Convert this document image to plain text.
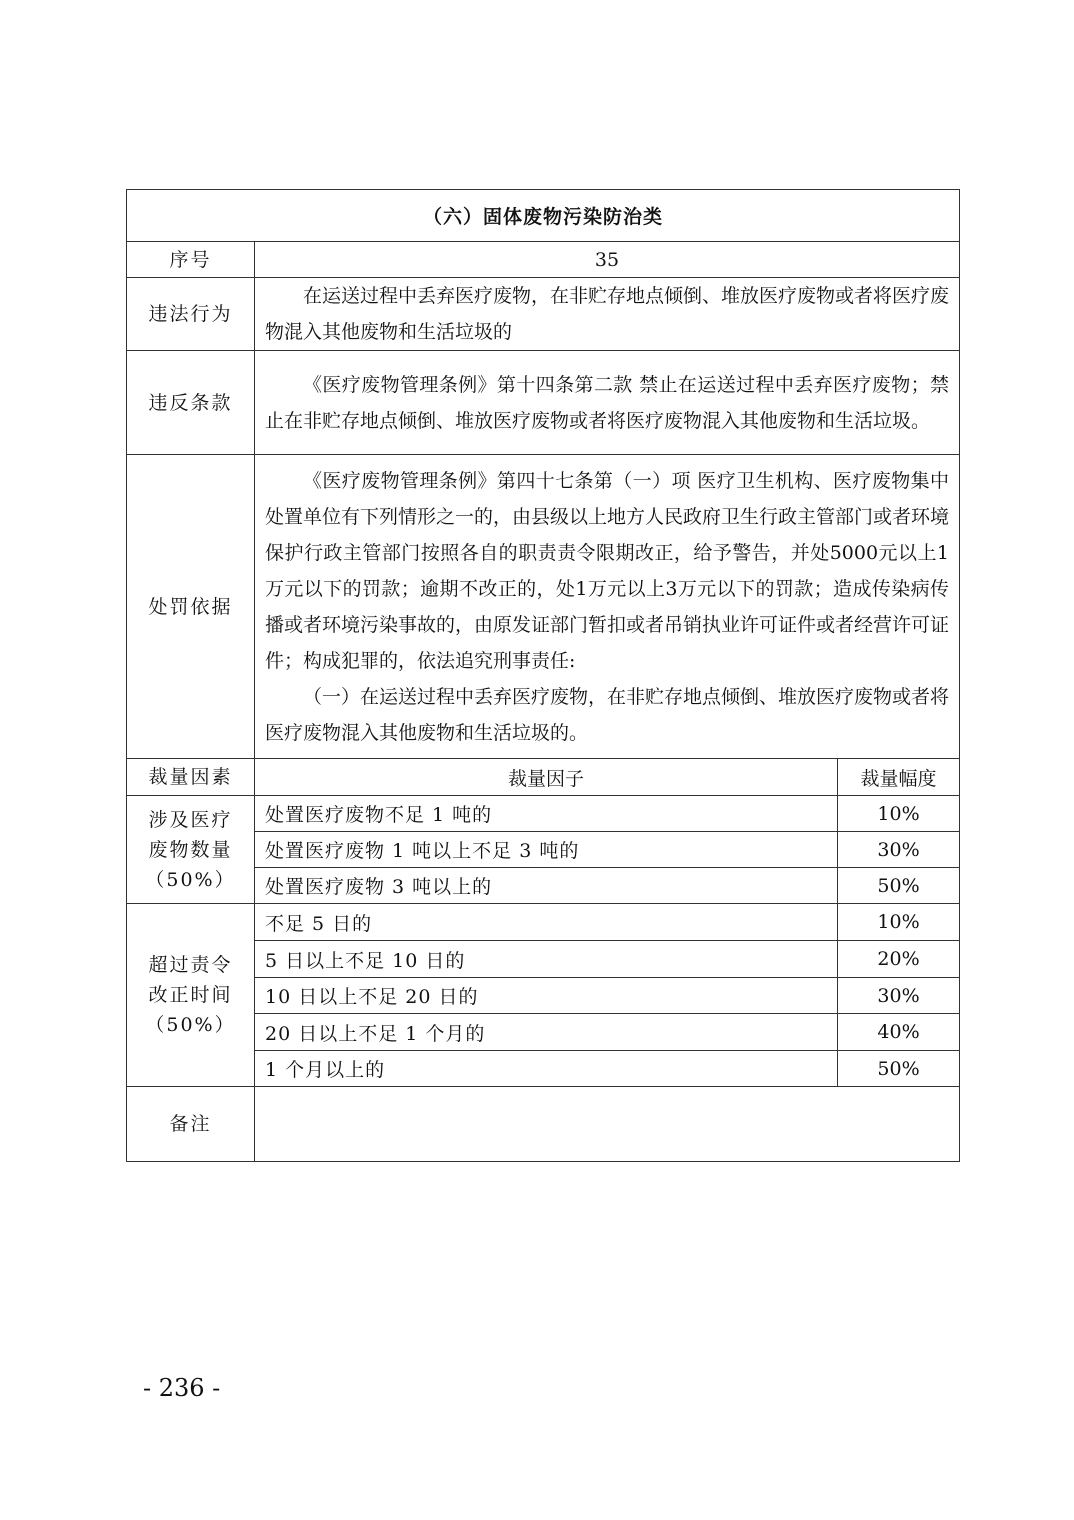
（六）固体废物污染防治类		
序号	35	
违法行为	在运送过程中丢弃医疗废物，在非贮存地点倾倒、堆放医疗废物或者将医疗废物混入其他废物和生活垃圾的	

违反条款	《医疗废物管理条例》第十四条第二款 禁止在运送过程中丢弃医疗废物；禁止在非贮存地点倾倒、堆放医疗废物或者将医疗废物混入其他废物和生活垃圾。	

处罚依据	《医疗废物管理条例》第四十七条第（一）项 医疗卫生机构、医疗废物集中处置单位有下列情形之一的，由县级以上地方人民政府卫生行政主管部门或者环境保护行政主管部门按照各自的职责责令限期改正，给予警告，并处5000元以上1万元以下的罚款；逾期不改正的，处1万元以上3万元以下的罚款；造成传染病传播或者环境污染事故的，由原发证部门暂扣或者吊销执业许可证件或者经营许可证件；构成犯罪的，依法追究刑事责任:
（一）在运送过程中丢弃医疗废物，在非贮存地点倾倒、堆放医疗废物或者将医疗废物混入其他废物和生活垃圾的。	

裁量因素	裁量因子	裁量幅度

涉及医疗
废物数量
（50%）	处置医疗废物不足 1 吨的	10%
	处置医疗废物 1 吨以上不足 3 吨的	30%
	处置医疗废物 3 吨以上的	50%

超过责令
改正时间
（50%）	不足 5 日的	10%
	5 日以上不足 10 日的	20%
	10 日以上不足 20 日的	30%
	20 日以上不足 1 个月的	40%
	1 个月以上的	50%
备注		
- 236 -
